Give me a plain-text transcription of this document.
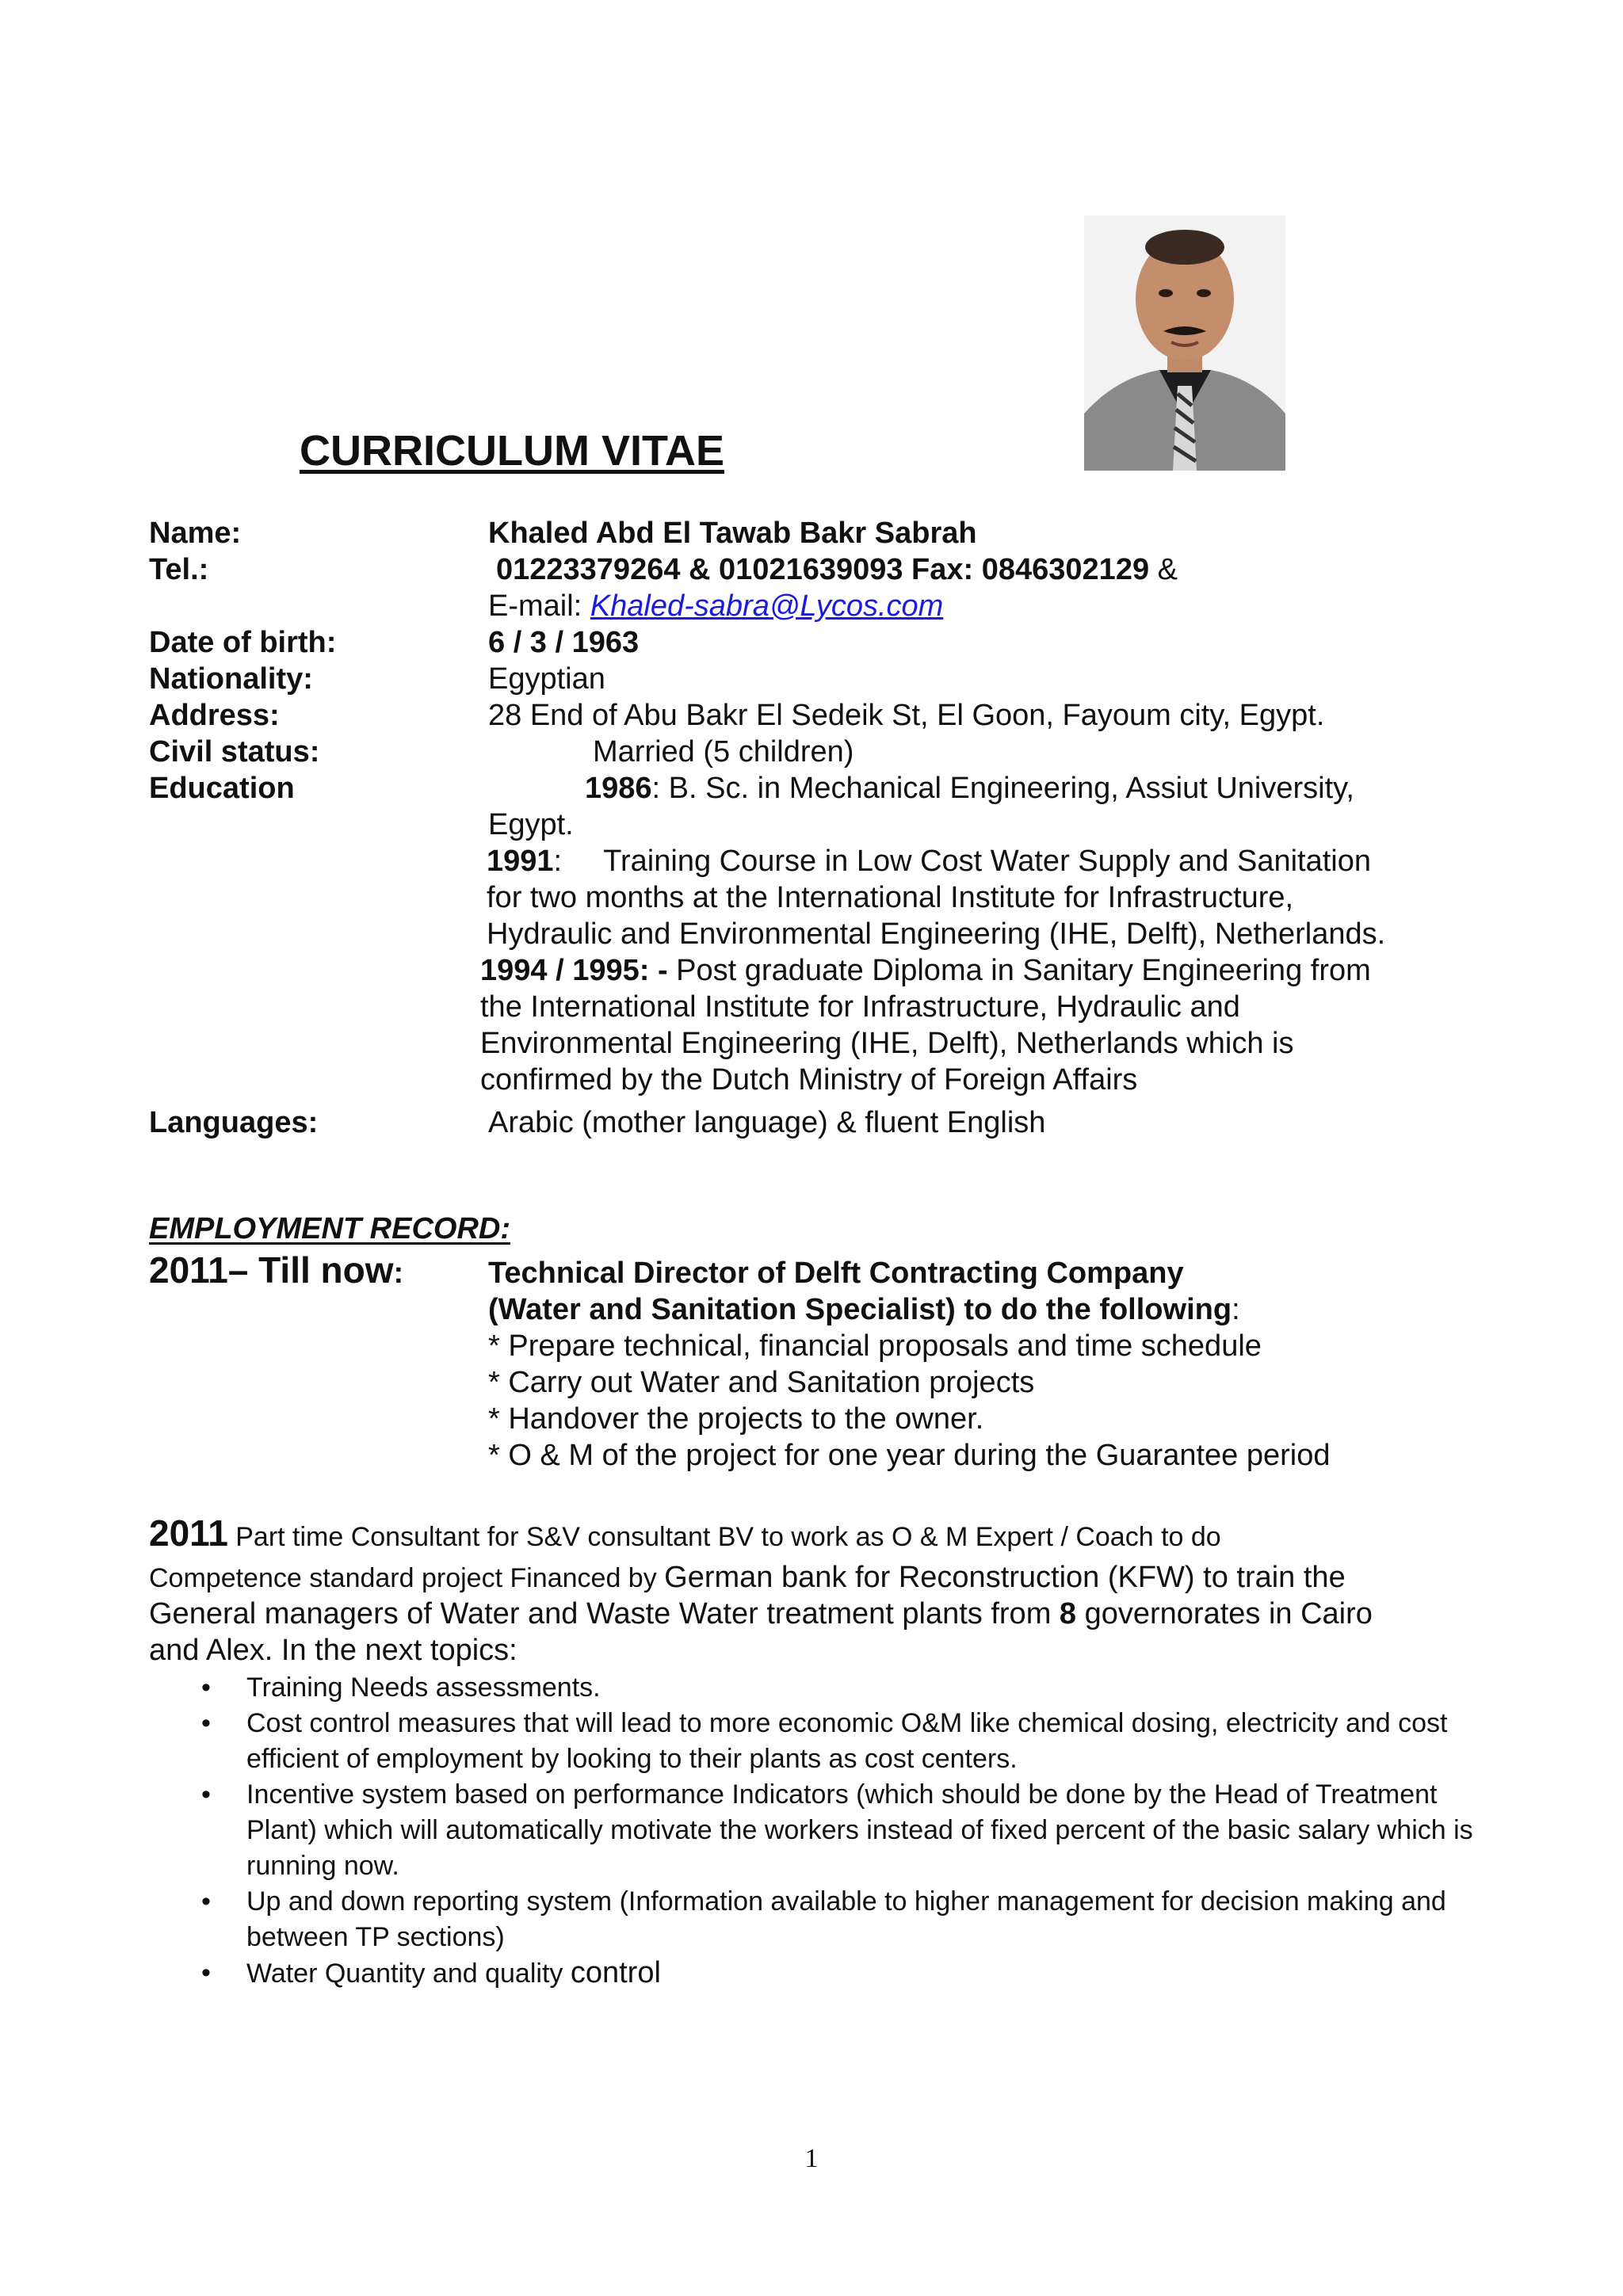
CURRICULUM VITAE
Name:
Tel.:
Date of birth:
Nationality:
Address:
Civil status:
Education
Languages:
Khaled Abd El Tawab Bakr Sabrah
01223379264 & 01021639093 Fax: 0846302129 &
E-mail: Khaled-sabra@Lycos.com
6 / 3 / 1963
Egyptian
28 End of Abu Bakr El Sedeik St, El Goon, Fayoum city, Egypt.
Married (5 children)
1986: B. Sc. in Mechanical Engineering, Assiut University,
Egypt.
1991:     Training Course in Low Cost Water Supply and Sanitation
for two months at the International Institute for Infrastructure,
Hydraulic and Environmental Engineering (IHE, Delft), Netherlands.
1994 / 1995: - Post graduate Diploma in Sanitary Engineering from
the International Institute for Infrastructure, Hydraulic and
Environmental Engineering (IHE, Delft), Netherlands which is
confirmed by the Dutch Ministry of Foreign Affairs
Arabic (mother language) & fluent English
EMPLOYMENT RECORD:
2011– Till now:	Technical Director of Delft Contracting Company
(Water and Sanitation Specialist) to do the following:
* Prepare technical, financial proposals and time schedule
* Carry out Water and Sanitation projects
* Handover the projects to the owner.
* O & M of the project for one year during the Guarantee period
2011 Part time Consultant for S&V consultant BV to work as O & M Expert / Coach to do
Competence standard project Financed by German bank for Reconstruction (KFW) to train the
General managers of Water and Waste Water treatment plants from 8 governorates in Cairo
and Alex. In the next topics:
• Training Needs assessments.
• Cost control measures that will lead to more economic O&M like chemical dosing, electricity and cost efficient of employment by looking to their plants as cost centers.
• Incentive system based on performance Indicators (which should be done by the Head of Treatment Plant) which will automatically motivate the workers instead of fixed percent of the basic salary which is running now.
• Up and down reporting system (Information available to higher management for decision making and between TP sections)
• Water Quantity and quality control
1
